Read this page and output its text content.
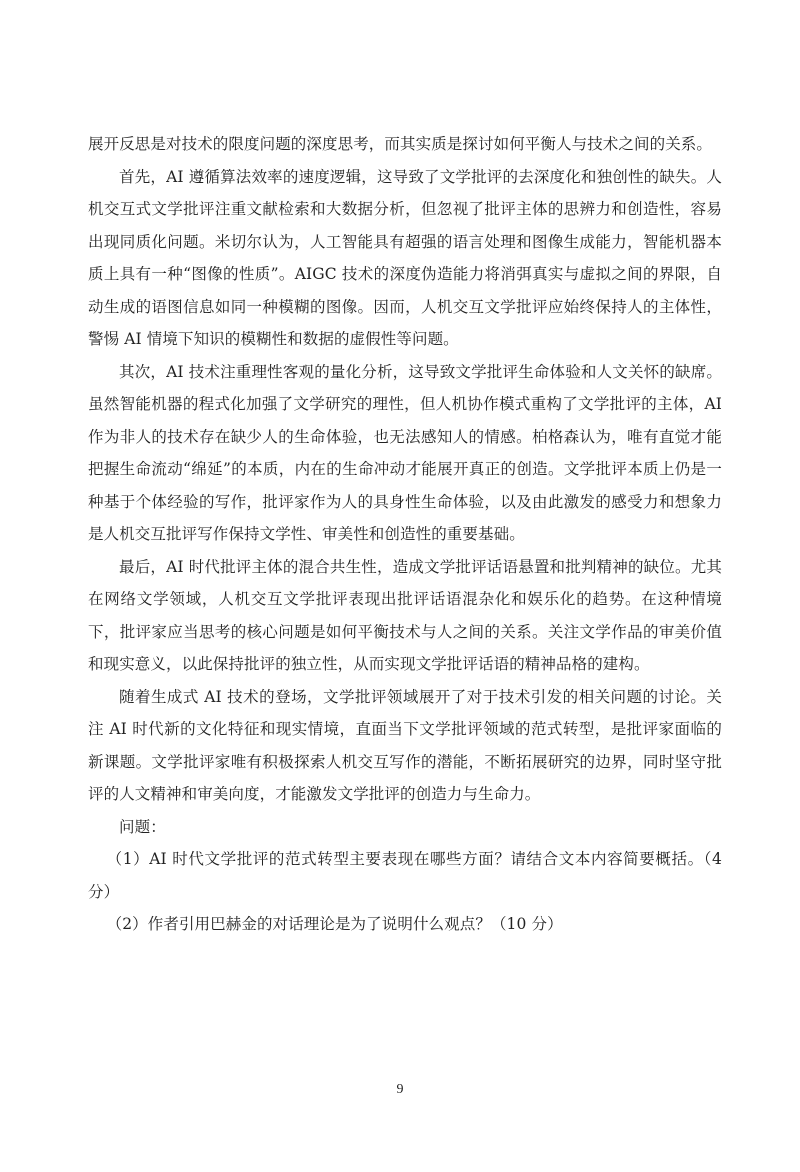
展开反思是对技术的限度问题的深度思考，而其实质是探讨如何平衡人与技术之间的关系。

首先，AI 遵循算法效率的速度逻辑，这导致了文学批评的去深度化和独创性的缺失。人机交互式文学批评注重文献检索和大数据分析，但忽视了批评主体的思辨力和创造性，容易出现同质化问题。米切尔认为，人工智能具有超强的语言处理和图像生成能力，智能机器本质上具有一种“图像的性质”。AIGC 技术的深度伪造能力将消弭真实与虚拟之间的界限，自动生成的语图信息如同一种模糊的图像。因而，人机交互文学批评应始终保持人的主体性，警惕 AI 情境下知识的模糊性和数据的虚假性等问题。

其次，AI 技术注重理性客观的量化分析，这导致文学批评生命体验和人文关怀的缺席。虽然智能机器的程式化加强了文学研究的理性，但人机协作模式重构了文学批评的主体，AI 作为非人的技术存在缺少人的生命体验，也无法感知人的情感。柏格森认为，唯有直觉才能把握生命流动“绵延”的本质，内在的生命冲动才能展开真正的创造。文学批评本质上仍是一种基于个体经验的写作，批评家作为人的具身性生命体验，以及由此激发的感受力和想象力是人机交互批评写作保持文学性、审美性和创造性的重要基础。

最后，AI 时代批评主体的混合共生性，造成文学批评话语悬置和批判精神的缺位。尤其在网络文学领域，人机交互文学批评表现出批评话语混杂化和娱乐化的趋势。在这种情境下，批评家应当思考的核心问题是如何平衡技术与人之间的关系。关注文学作品的审美价值和现实意义，以此保持批评的独立性，从而实现文学批评话语的精神品格的建构。

随着生成式 AI 技术的登场，文学批评领域展开了对于技术引发的相关问题的讨论。关注 AI 时代新的文化特征和现实情境，直面当下文学批评领域的范式转型，是批评家面临的新课题。文学批评家唯有积极探索人机交互写作的潜能，不断拓展研究的边界，同时坚守批评的人文精神和审美向度，才能激发文学批评的创造力与生命力。

问题：

（1）AI 时代文学批评的范式转型主要表现在哪些方面？请结合文本内容简要概括。（4 分）

（2）作者引用巴赫金的对话理论是为了说明什么观点？（10 分）

9
